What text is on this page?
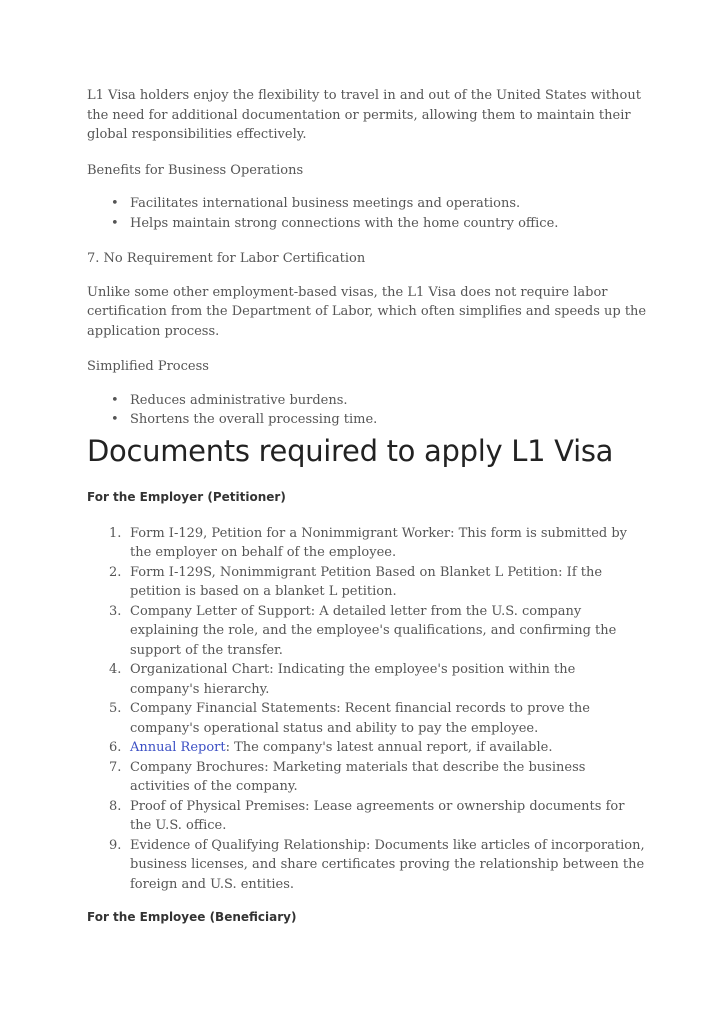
L1 Visa holders enjoy the flexibility to travel in and out of the United States without the need for additional documentation or permits, allowing them to maintain their global responsibilities effectively.

Benefits for Business Operations

• Facilitates international business meetings and operations.
• Helps maintain strong connections with the home country office.

7. No Requirement for Labor Certification

Unlike some other employment-based visas, the L1 Visa does not require labor certification from the Department of Labor, which often simplifies and speeds up the application process.

Simplified Process

• Reduces administrative burdens.
• Shortens the overall processing time.
Documents required to apply L1 Visa
For the Employer (Petitioner)
1. Form I-129, Petition for a Nonimmigrant Worker: This form is submitted by the employer on behalf of the employee.
2. Form I-129S, Nonimmigrant Petition Based on Blanket L Petition: If the petition is based on a blanket L petition.
3. Company Letter of Support: A detailed letter from the U.S. company explaining the role, and the employee's qualifications, and confirming the support of the transfer.
4. Organizational Chart: Indicating the employee's position within the company's hierarchy.
5. Company Financial Statements: Recent financial records to prove the company's operational status and ability to pay the employee.
6. Annual Report: The company's latest annual report, if available.
7. Company Brochures: Marketing materials that describe the business activities of the company.
8. Proof of Physical Premises: Lease agreements or ownership documents for the U.S. office.
9. Evidence of Qualifying Relationship: Documents like articles of incorporation, business licenses, and share certificates proving the relationship between the foreign and U.S. entities.
For the Employee (Beneficiary)
